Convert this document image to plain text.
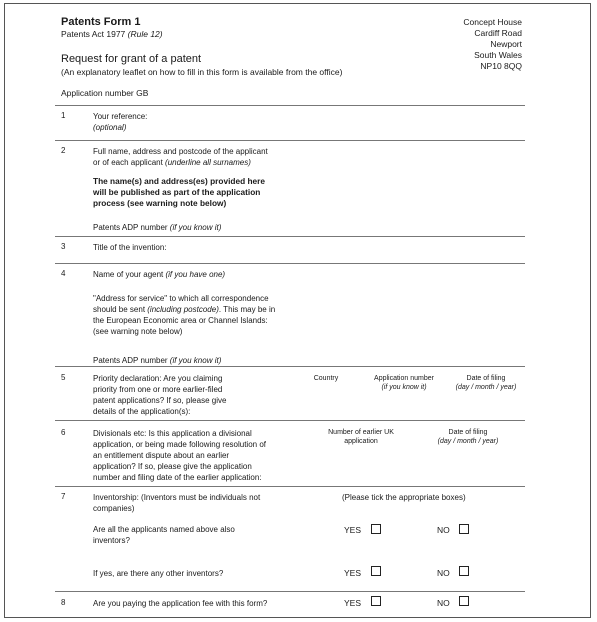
Patents Form 1
Patents Act 1977 (Rule 12)
Request for grant of a patent
(An explanatory leaflet on how to fill in this form is available from the office)
Application number GB
Concept House
Cardiff Road
Newport
South Wales
NP10 8QQ
1	Your reference:
(optional)
2	Full name, address and postcode of the applicant
or of each applicant (underline all surnames)
The name(s) and address(es) provided here
will be published as part of the application
process (see warning note below)
Patents ADP number (if you know it)
3	Title of the invention:
4	Name of your agent (if you have one)
"Address for service" to which all correspondence
should be sent (including postcode). This may be in
the European Economic area or Channel Islands:
(see warning note below)
Patents ADP number (if you know it)
5	Priority declaration: Are you claiming
priority from one or more earlier-filed
patent applications? If so, please give
details of the application(s):
Country	Application number
(if you know it)
Date of filing
(day / month / year)
6	Divisionals etc: Is this application a divisional
application, or being made following resolution of
an entitlement dispute about an earlier
application? If so, please give the application
number and filing date of the earlier application:
Number of earlier UK
application
Date of filing
(day / month / year)
7	Inventorship: (Inventors must be individuals not
companies)
(Please tick the appropriate boxes)
Are all the applicants named above also
inventors?
YES	NO
If yes, are there any other inventors?	YES	NO
8	Are you paying the application fee with this form?	YES	NO
